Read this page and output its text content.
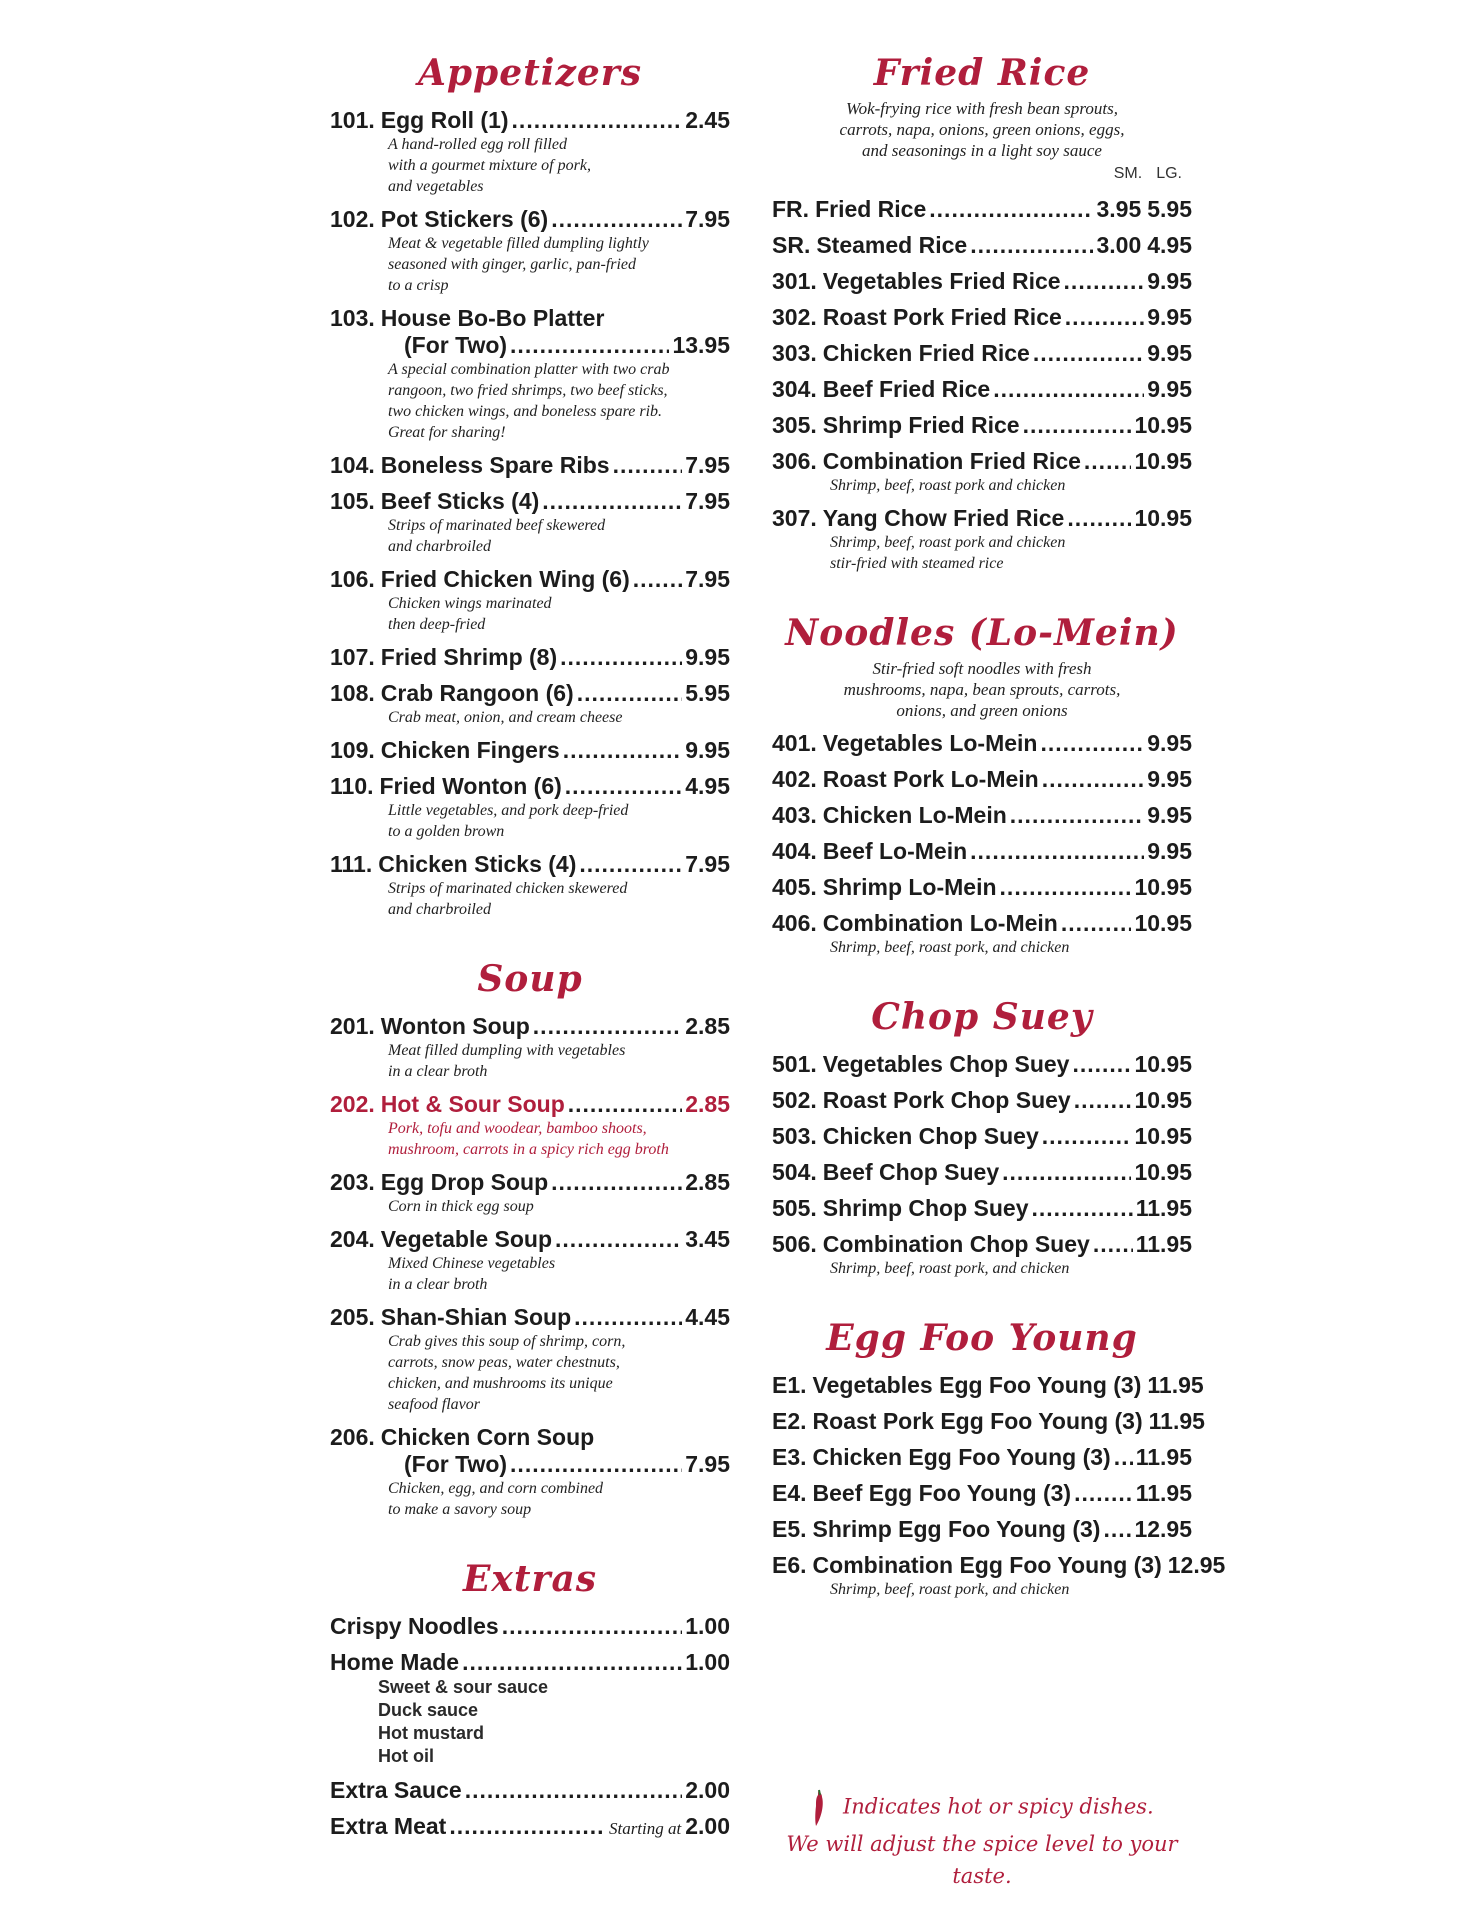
Appetizers
101. Egg Roll (1) .....	2.45
A hand-rolled egg roll filled
with a gourmet mixture of pork,
and vegetables
102. Pot Stickers (6) .....	7.95
Meat & vegetable filled dumpling lightly
seasoned with ginger, garlic, pan-fried
to a crisp
103. House Bo-Bo Platter
(For Two) .....	13.95
A special combination platter with two crab
rangoon, two fried shrimps, two beef sticks,
two chicken wings, and boneless spare rib.
Great for sharing!
104. Boneless Spare Ribs .....	7.95
105. Beef Sticks (4) .....	7.95
Strips of marinated beef skewered
and charbroiled
106. Fried Chicken Wing (6) ..... 7.95
Chicken wings marinated
then deep-fried
107. Fried Shrimp (8) .....	9.95
108. Crab Rangoon (6) .....	5.95
Crab meat, onion, and cream cheese
109. Chicken Fingers .....	9.95
110. Fried Wonton (6) .....	4.95
Little vegetables, and pork deep-fried
to a golden brown
111. Chicken Sticks (4) .....	7.95
Strips of marinated chicken skewered
and charbroiled
Soup
201. Wonton Soup .....	2.85
Meat filled dumpling with vegetables
in a clear broth
202. Hot & Sour Soup .....	2.85
Pork, tofu and woodear, bamboo shoots,
mushroom, carrots in a spicy rich egg broth
203. Egg Drop Soup .....	2.85
Corn in thick egg soup
204. Vegetable Soup .....	3.45
Mixed Chinese vegetables
in a clear broth
205. Shan-Shian Soup .....	4.45
Crab gives this soup of shrimp, corn,
carrots, snow peas, water chestnuts,
chicken, and mushrooms its unique
seafood flavor
206. Chicken Corn Soup
(For Two) .....	7.95
Chicken, egg, and corn combined
to make a savory soup
Extras
Crispy Noodles .....	1.00
Home Made .....	1.00
Sweet & sour sauce
Duck sauce
Hot mustard
Hot oil
Extra Sauce .....	2.00
Extra Meat .....	Starting at 2.00
Fried Rice
Wok-frying rice with fresh bean sprouts,
carrots, napa, onions, green onions, eggs,
and seasonings in a light soy sauce
SM. LG.
FR. Fried Rice .....	3.95 5.95
SR. Steamed Rice .....	3.00 4.95
301. Vegetables Fried Rice .....	9.95
302. Roast Pork Fried Rice .....	9.95
303. Chicken Fried Rice .....	9.95
304. Beef Fried Rice .....	9.95
305. Shrimp Fried Rice .....	10.95
306. Combination Fried Rice ..... 10.95
Shrimp, beef, roast pork and chicken
307. Yang Chow Fried Rice .....	10.95
Shrimp, beef, roast pork and chicken
stir-fried with steamed rice
Noodles (Lo-Mein)
Stir-fried soft noodles with fresh
mushrooms, napa, bean sprouts, carrots,
onions, and green onions
401. Vegetables Lo-Mein .....	9.95
402. Roast Pork Lo-Mein .....	9.95
403. Chicken Lo-Mein .....	9.95
404. Beef Lo-Mein .....	9.95
405. Shrimp Lo-Mein .....	10.95
406. Combination Lo-Mein .....	10.95
Shrimp, beef, roast pork, and chicken
Chop Suey
501. Vegetables Chop Suey .....	10.95
502. Roast Pork Chop Suey .....	10.95
503. Chicken Chop Suey .....	10.95
504. Beef Chop Suey .....	10.95
505. Shrimp Chop Suey .....	11.95
506. Combination Chop Suey ..... 11.95
Shrimp, beef, roast pork, and chicken
Egg Foo Young
E1. Vegetables Egg Foo Young (3) 11.95
E2. Roast Pork Egg Foo Young (3) 11.95
E3. Chicken Egg Foo Young (3) ..... 11.95
E4. Beef Egg Foo Young (3) .....	11.95
E5. Shrimp Egg Foo Young (3) ..... 12.95
E6. Combination Egg Foo Young (3) 12.95
Shrimp, beef, roast pork, and chicken
Indicates hot or spicy dishes.
We will adjust the spice level to your taste.
